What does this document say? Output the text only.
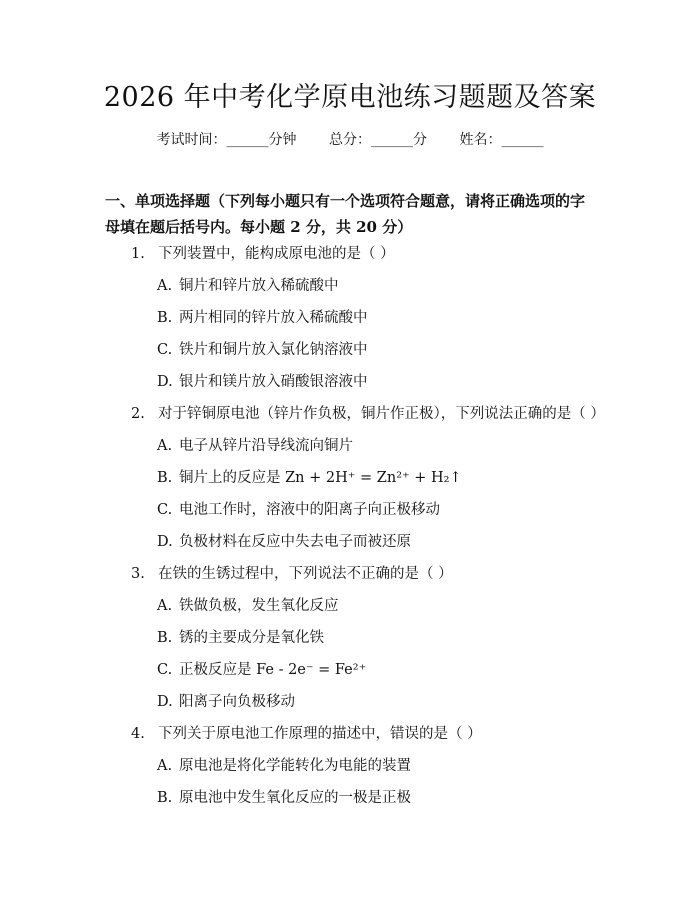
2026 年中考化学原电池练习题题及答案
考试时间：______分钟 总分：______分 姓名：______
一、单项选择题（下列每小题只有一个选项符合题意，请将正确选项的字母填在题后括号内。每小题 2 分，共 20 分）
1. 下列装置中，能构成原电池的是（ ）
A. 铜片和锌片放入稀硫酸中
B. 两片相同的锌片放入稀硫酸中
C. 铁片和铜片放入氯化钠溶液中
D. 银片和镁片放入硝酸银溶液中
2. 对于锌铜原电池（锌片作负极，铜片作正极），下列说法正确的是（ ）
A. 电子从锌片沿导线流向铜片
B. 铜片上的反应是 Zn + 2H⁺ = Zn²⁺ + H₂↑
C. 电池工作时，溶液中的阳离子向正极移动
D. 负极材料在反应中失去电子而被还原
3. 在铁的生锈过程中，下列说法不正确的是（ ）
A. 铁做负极，发生氧化反应
B. 锈的主要成分是氧化铁
C. 正极反应是 Fe - 2e⁻ = Fe²⁺
D. 阳离子向负极移动
4. 下列关于原电池工作原理的描述中，错误的是（ ）
A. 原电池是将化学能转化为电能的装置
B. 原电池中发生氧化反应的一极是正极
